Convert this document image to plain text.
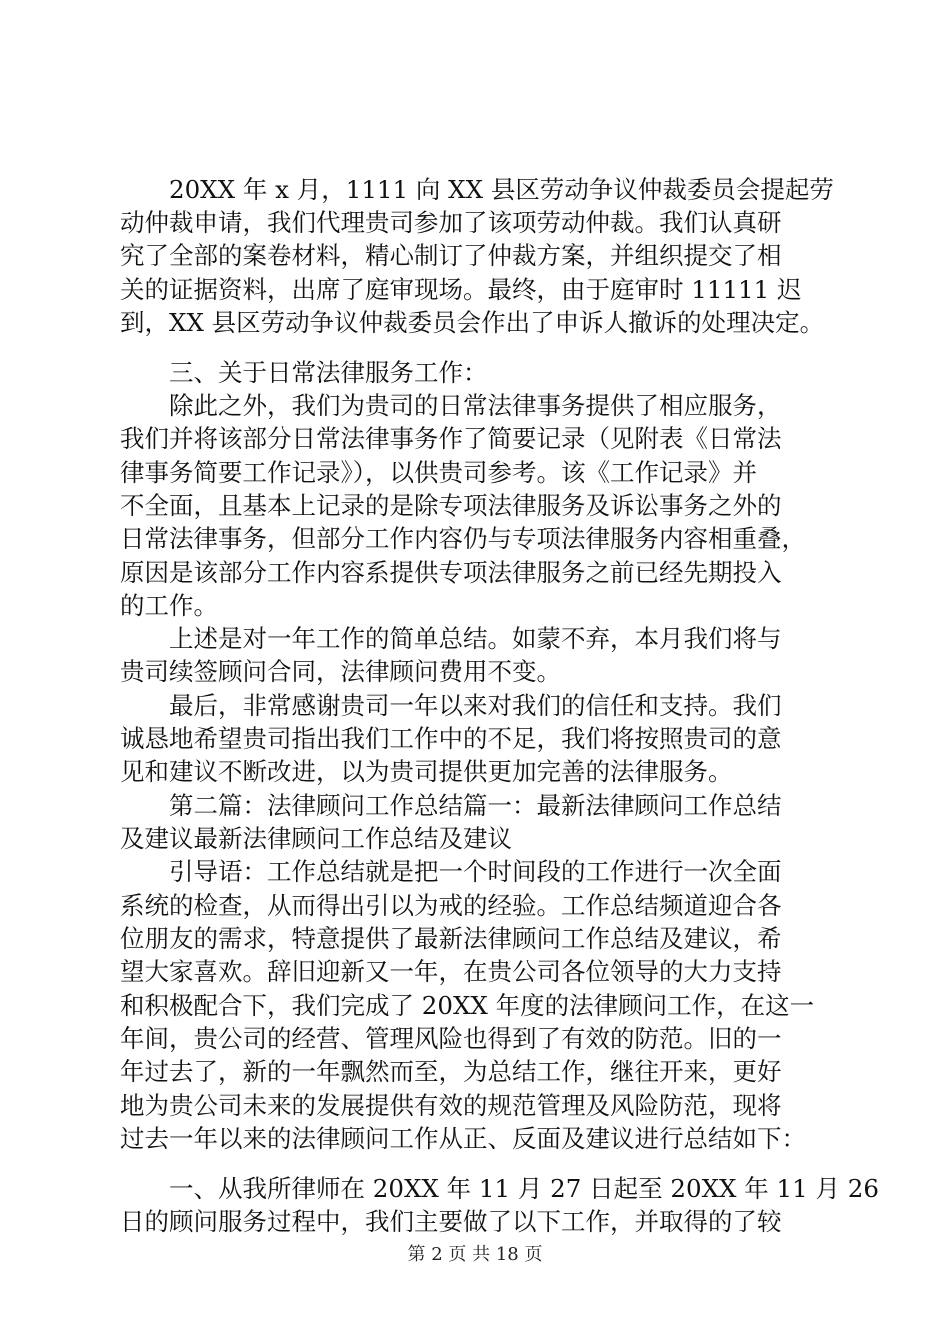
　　20XX 年 x 月，1111 向 XX 县区劳动争议仲裁委员会提起劳
动仲裁申请，我们代理贵司参加了该项劳动仲裁。我们认真研
究了全部的案卷材料，精心制订了仲裁方案，并组织提交了相
关的证据资料，出席了庭审现场。最终，由于庭审时 11111 迟
到，XX 县区劳动争议仲裁委员会作出了申诉人撤诉的处理决定。
　　三、关于日常法律服务工作：
　　除此之外，我们为贵司的日常法律事务提供了相应服务，
我们并将该部分日常法律事务作了简要记录（见附表《日常法
律事务简要工作记录》），以供贵司参考。该《工作记录》并
不全面，且基本上记录的是除专项法律服务及诉讼事务之外的
日常法律事务，但部分工作内容仍与专项法律服务内容相重叠，
原因是该部分工作内容系提供专项法律服务之前已经先期投入
的工作。
　　上述是对一年工作的简单总结。如蒙不弃，本月我们将与
贵司续签顾问合同，法律顾问费用不变。
　　最后，非常感谢贵司一年以来对我们的信任和支持。我们
诚恳地希望贵司指出我们工作中的不足，我们将按照贵司的意
见和建议不断改进，以为贵司提供更加完善的法律服务。
　　第二篇：法律顾问工作总结篇一：最新法律顾问工作总结
及建议最新法律顾问工作总结及建议
　　引导语：工作总结就是把一个时间段的工作进行一次全面
系统的检查，从而得出引以为戒的经验。工作总结频道迎合各
位朋友的需求，特意提供了最新法律顾问工作总结及建议，希
望大家喜欢。辞旧迎新又一年，在贵公司各位领导的大力支持
和积极配合下，我们完成了 20XX 年度的法律顾问工作，在这一
年间，贵公司的经营、管理风险也得到了有效的防范。旧的一
年过去了，新的一年飘然而至，为总结工作，继往开来，更好
地为贵公司未来的发展提供有效的规范管理及风险防范，现将
过去一年以来的法律顾问工作从正、反面及建议进行总结如下：
　　一、从我所律师在 20XX 年 11 月 27 日起至 20XX 年 11 月 26
日的顾问服务过程中，我们主要做了以下工作，并取得的了较
第 2 页 共 18 页
